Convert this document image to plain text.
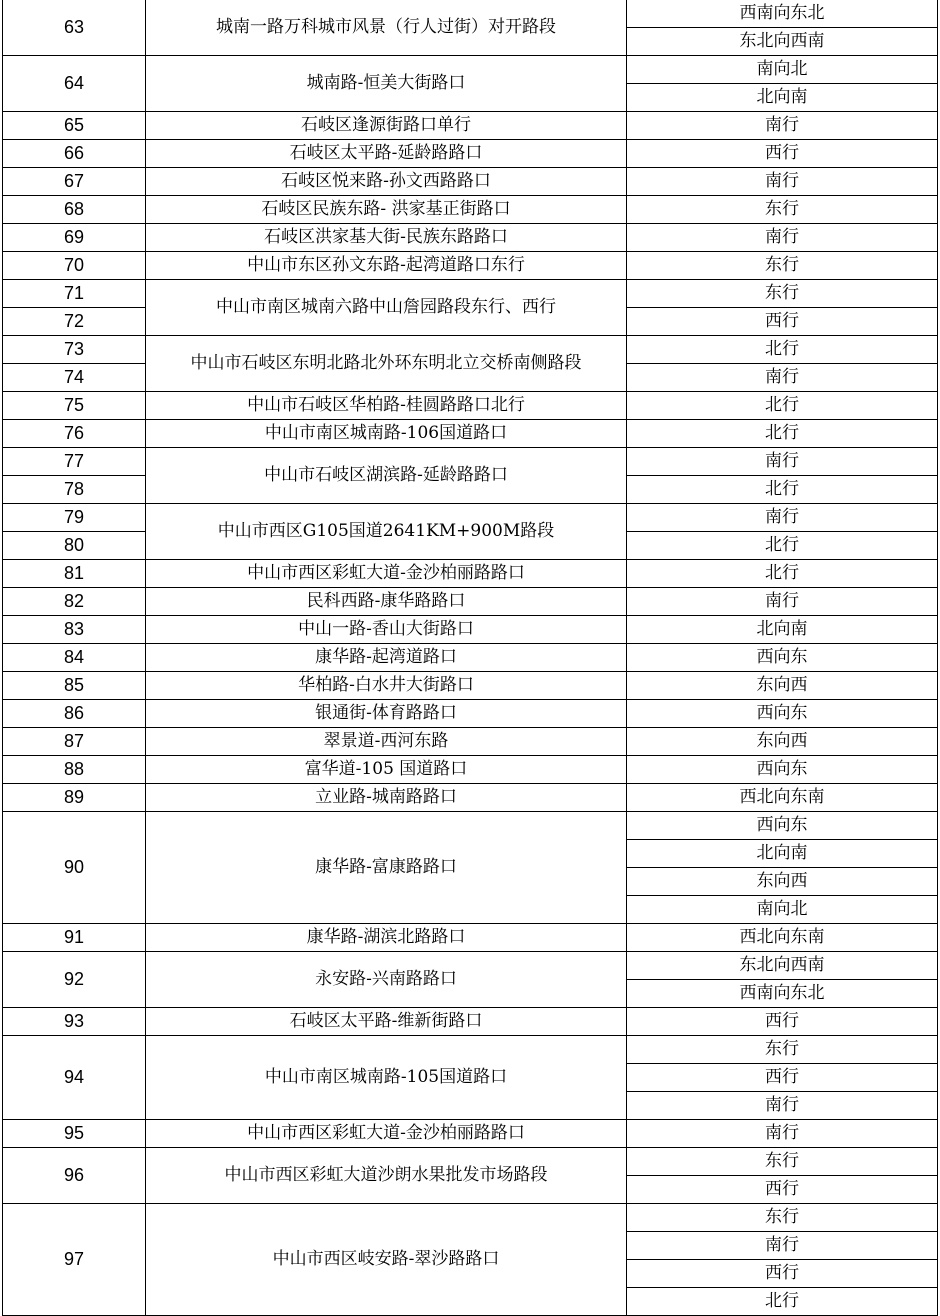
63	城南一路万科城市风景（行人过街）对开路段	西南向东北
		东北向西南
64	城南路-恒美大街路口	南向北
		北向南
65	石岐区逢源街路口单行	南行
66	石岐区太平路-延龄路路口	西行
67	石岐区悦来路-孙文西路路口	南行
68	石岐区民族东路- 洪家基正街路口	东行
69	石岐区洪家基大街-民族东路路口	南行
70	中山市东区孙文东路-起湾道路口东行	东行
71	中山市南区城南六路中山詹园路段东行、西行	东行
72		西行
73	中山市石岐区东明北路北外环东明北立交桥南侧路段	北行
74		南行
75	中山市石岐区华柏路-桂圆路路口北行	北行
76	中山市南区城南路-106国道路口	北行
77	中山市石岐区湖滨路-延龄路路口	南行
78		北行
79	中山市西区G105国道2641KM+900M路段	南行
80		北行
81	中山市西区彩虹大道-金沙柏丽路路口	北行
82	民科西路-康华路路口	南行
83	中山一路-香山大街路口	北向南
84	康华路-起湾道路口	西向东
85	华柏路-白水井大街路口	东向西
86	银通街-体育路路口	西向东
87	翠景道-西河东路	东向西
88	富华道-105 国道路口	西向东
89	立业路-城南路路口	西北向东南
90	康华路-富康路路口	西向东
		北向南
		东向西
		南向北
91	康华路-湖滨北路路口	西北向东南
92	永安路-兴南路路口	东北向西南
		西南向东北
93	石岐区太平路-维新街路口	西行
94	中山市南区城南路-105国道路口	东行
		西行
		南行
95	中山市西区彩虹大道-金沙柏丽路路口	南行
96	中山市西区彩虹大道沙朗水果批发市场路段	东行
		西行
97	中山市西区岐安路-翠沙路路口	东行
		南行
		西行
		北行
